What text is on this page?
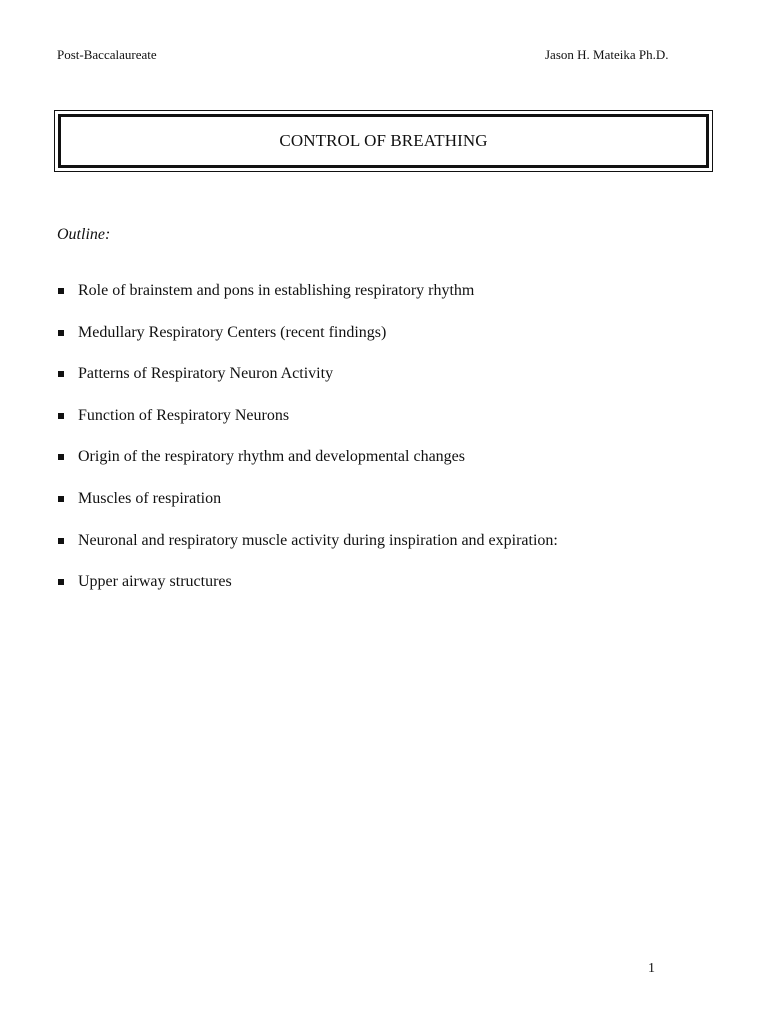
Post-Baccalaureate	Jason H. Mateika Ph.D.
CONTROL OF BREATHING
Outline:
Role of brainstem and pons in establishing respiratory rhythm
Medullary Respiratory Centers (recent findings)
Patterns of Respiratory Neuron Activity
Function of Respiratory Neurons
Origin of the respiratory rhythm and developmental changes
Muscles of respiration
Neuronal and respiratory muscle activity during inspiration and expiration:
Upper airway structures
1
